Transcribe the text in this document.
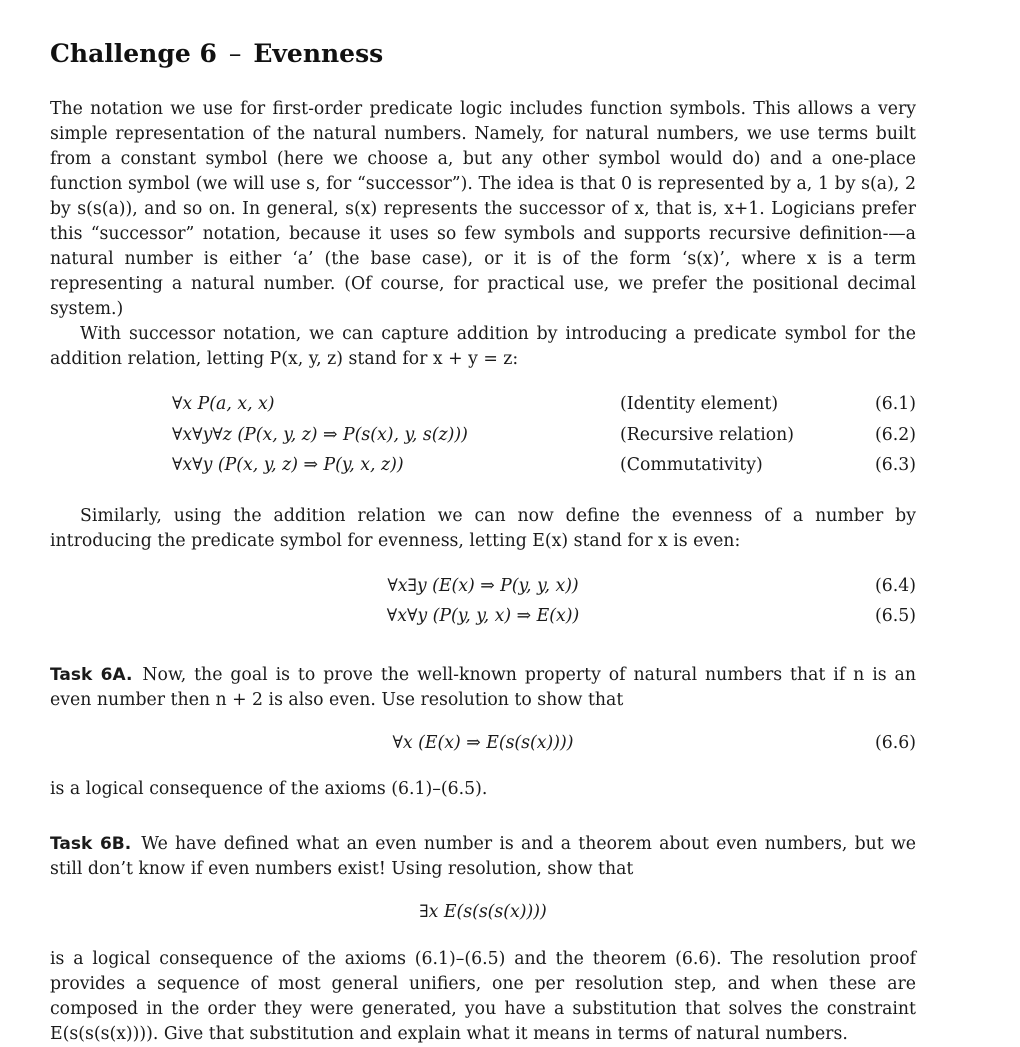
Challenge 6 – Evenness

The notation we use for first-order predicate logic includes function symbols. This allows a very simple representation of the natural numbers. Namely, for natural numbers, we use terms built from a constant symbol (here we choose a, but any other symbol would do) and a one-place function symbol (we will use s, for “successor”). The idea is that 0 is represented by a, 1 by s(a), 2 by s(s(a)), and so on. In general, s(x) represents the successor of x, that is, x+1. Logicians prefer this “successor” notation, because it uses so few symbols and supports recursive definition-—a natural number is either ‘a’ (the base case), or it is of the form ‘s(x)’, where x is a term representing a natural number. (Of course, for practical use, we prefer the positional decimal system.)

With successor notation, we can capture addition by introducing a predicate symbol for the addition relation, letting P(x, y, z) stand for x + y = z:

∀x P(a, x, x)	(Identity element)	(6.1)
∀x∀y∀z (P(x, y, z) ⇒ P(s(x), y, s(z)))	(Recursive relation)	(6.2)
∀x∀y (P(x, y, z) ⇒ P(y, x, z))	(Commutativity)	(6.3)

Similarly, using the addition relation we can now define the evenness of a number by introducing the predicate symbol for evenness, letting E(x) stand for x is even:

∀x∃y (E(x) ⇒ P(y, y, x))	(6.4)
∀x∀y (P(y, y, x) ⇒ E(x))	(6.5)

Task 6A. Now, the goal is to prove the well-known property of natural numbers that if n is an even number then n + 2 is also even. Use resolution to show that

∀x (E(x) ⇒ E(s(s(x))))	(6.6)

is a logical consequence of the axioms (6.1)–(6.5).

Task 6B. We have defined what an even number is and a theorem about even numbers, but we still don’t know if even numbers exist! Using resolution, show that

∃x E(s(s(s(x))))

is a logical consequence of the axioms (6.1)–(6.5) and the theorem (6.6). The resolution proof provides a sequence of most general unifiers, one per resolution step, and when these are composed in the order they were generated, you have a substitution that solves the constraint E(s(s(s(x)))). Give that substitution and explain what it means in terms of natural numbers.
